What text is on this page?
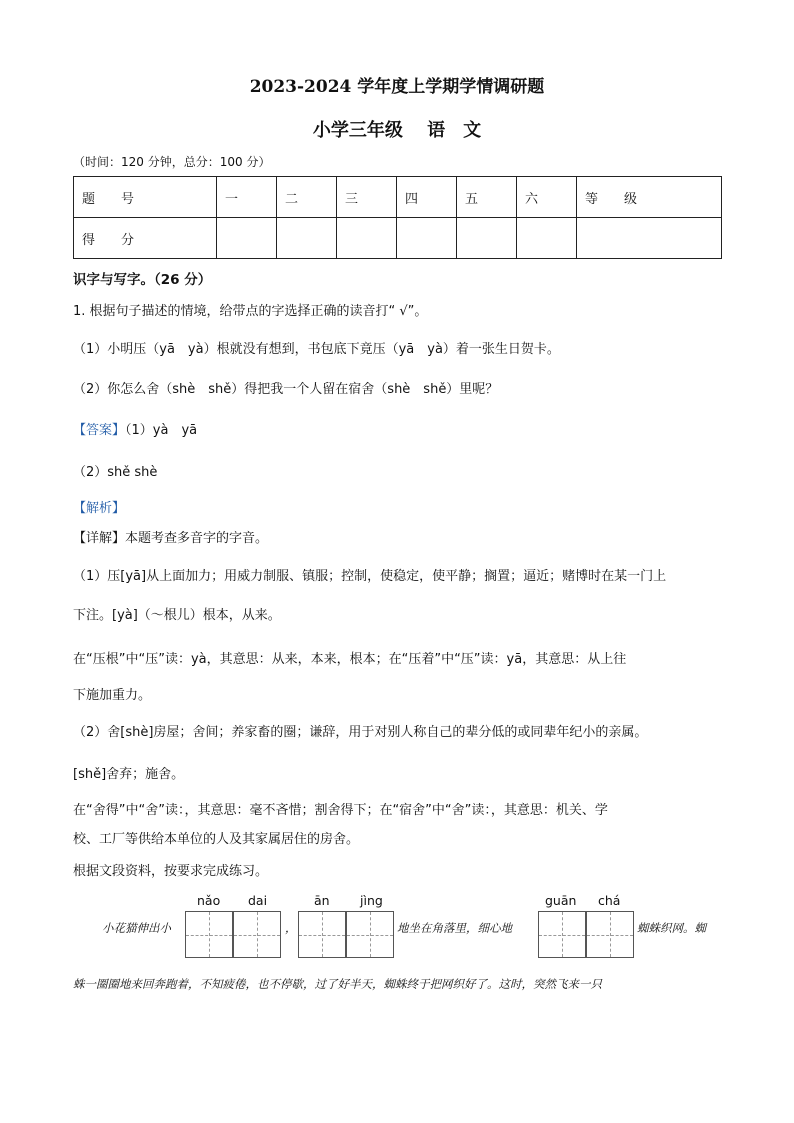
2023-2024 学年度上学期学情调研题
小学三年级　 语　文
（时间：120 分钟，总分：100 分）
题　　号	一	二	三	四	五	六	等　　级
得　　分							
识字与写字。（26 分）
1. 根据句子描述的情境，给带点的字选择正确的读音打“ √”。
（1）小明压（yā　yà）根就没有想到，书包底下竟压（yā　yà）着一张生日贺卡。
（2）你怎么舍（shè　shě）得把我一个人留在宿舍（shè　shě）里呢？
【答案】（1）yà　yā
（2）shě shè
【解析】
【详解】本题考查多音字的字音。
（1）压[yā]从上面加力；用威力制服、镇服；控制，使稳定，使平静；搁置；逼近；赌博时在某一门上
下注。[yà]（～根儿）根本，从来。
在“压根”中“压”读：yà，其意思：从来，本来，根本；在“压着”中“压”读：yā，其意思：从上往
下施加重力。
（2）舍[shè]房屋；舍间；养家畜的圈；谦辞，用于对别人称自己的辈分低的或同辈年纪小的亲属。
[shě]舍弃；施舍。
在“舍得”中“舍”读：，其意思：毫不吝惜；割舍得下；在“宿舍”中“舍”读：，其意思：机关、学
校、工厂等供给本单位的人及其家属居住的房舍。
根据文段资料，按要求完成练习。
nǎo dai	ān jìng	guān chá
小花猫伸出小	，	地坐在角落里，细心地	蜘蛛织网。蜘
蛛一圈圈地来回奔跑着，不知疲倦，也不停歇，过了好半天，蜘蛛终于把网织好了。这时，突然飞来一只
